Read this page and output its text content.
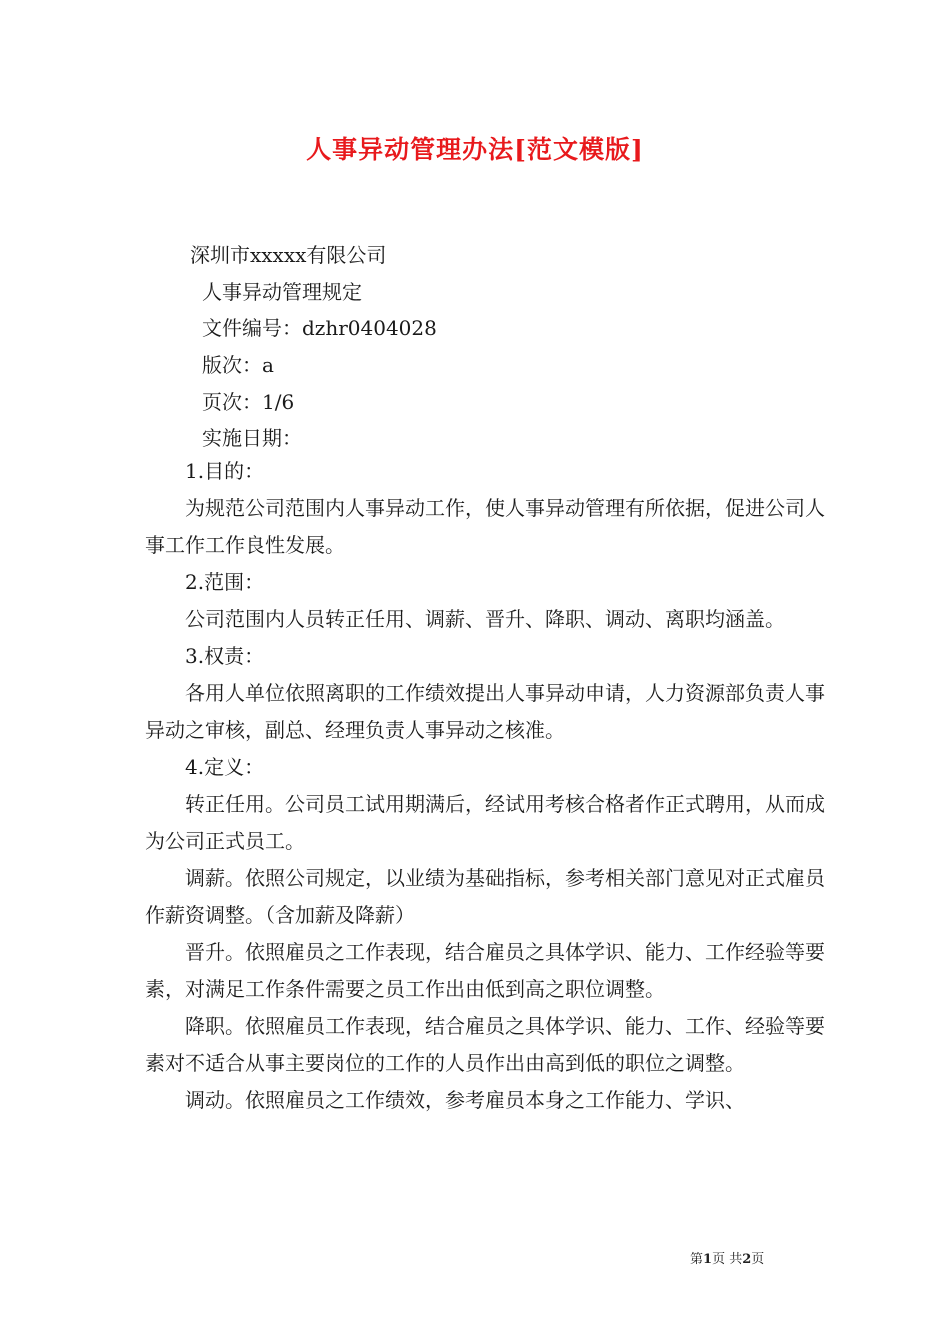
人事异动管理办法[范文模版]
深圳市xxxxx有限公司
人事异动管理规定
文件编号：dzhr0404028
版次：a
页次：1/6
实施日期：

1.目的：

为规范公司范围内人事异动工作，使人事异动管理有所依据，促进公司人事工作工作良性发展。

2.范围：

公司范围内人员转正任用、调薪、晋升、降职、调动、离职均涵盖。

3.权责：

各用人单位依照离职的工作绩效提出人事异动申请，人力资源部负责人事异动之审核，副总、经理负责人事异动之核准。

4.定义：

转正任用。公司员工试用期满后，经试用考核合格者作正式聘用，从而成为公司正式员工。

调薪。依照公司规定，以业绩为基础指标，参考相关部门意见对正式雇员作薪资调整。（含加薪及降薪）

晋升。依照雇员之工作表现，结合雇员之具体学识、能力、工作经验等要素，对满足工作条件需要之员工作出由低到高之职位调整。

降职。依照雇员工作表现，结合雇员之具体学识、能力、工作、经验等要素对不适合从事主要岗位的工作的人员作出由高到低的职位之调整。

调动。依照雇员之工作绩效，参考雇员本身之工作能力、学识、

第1页 共2页
